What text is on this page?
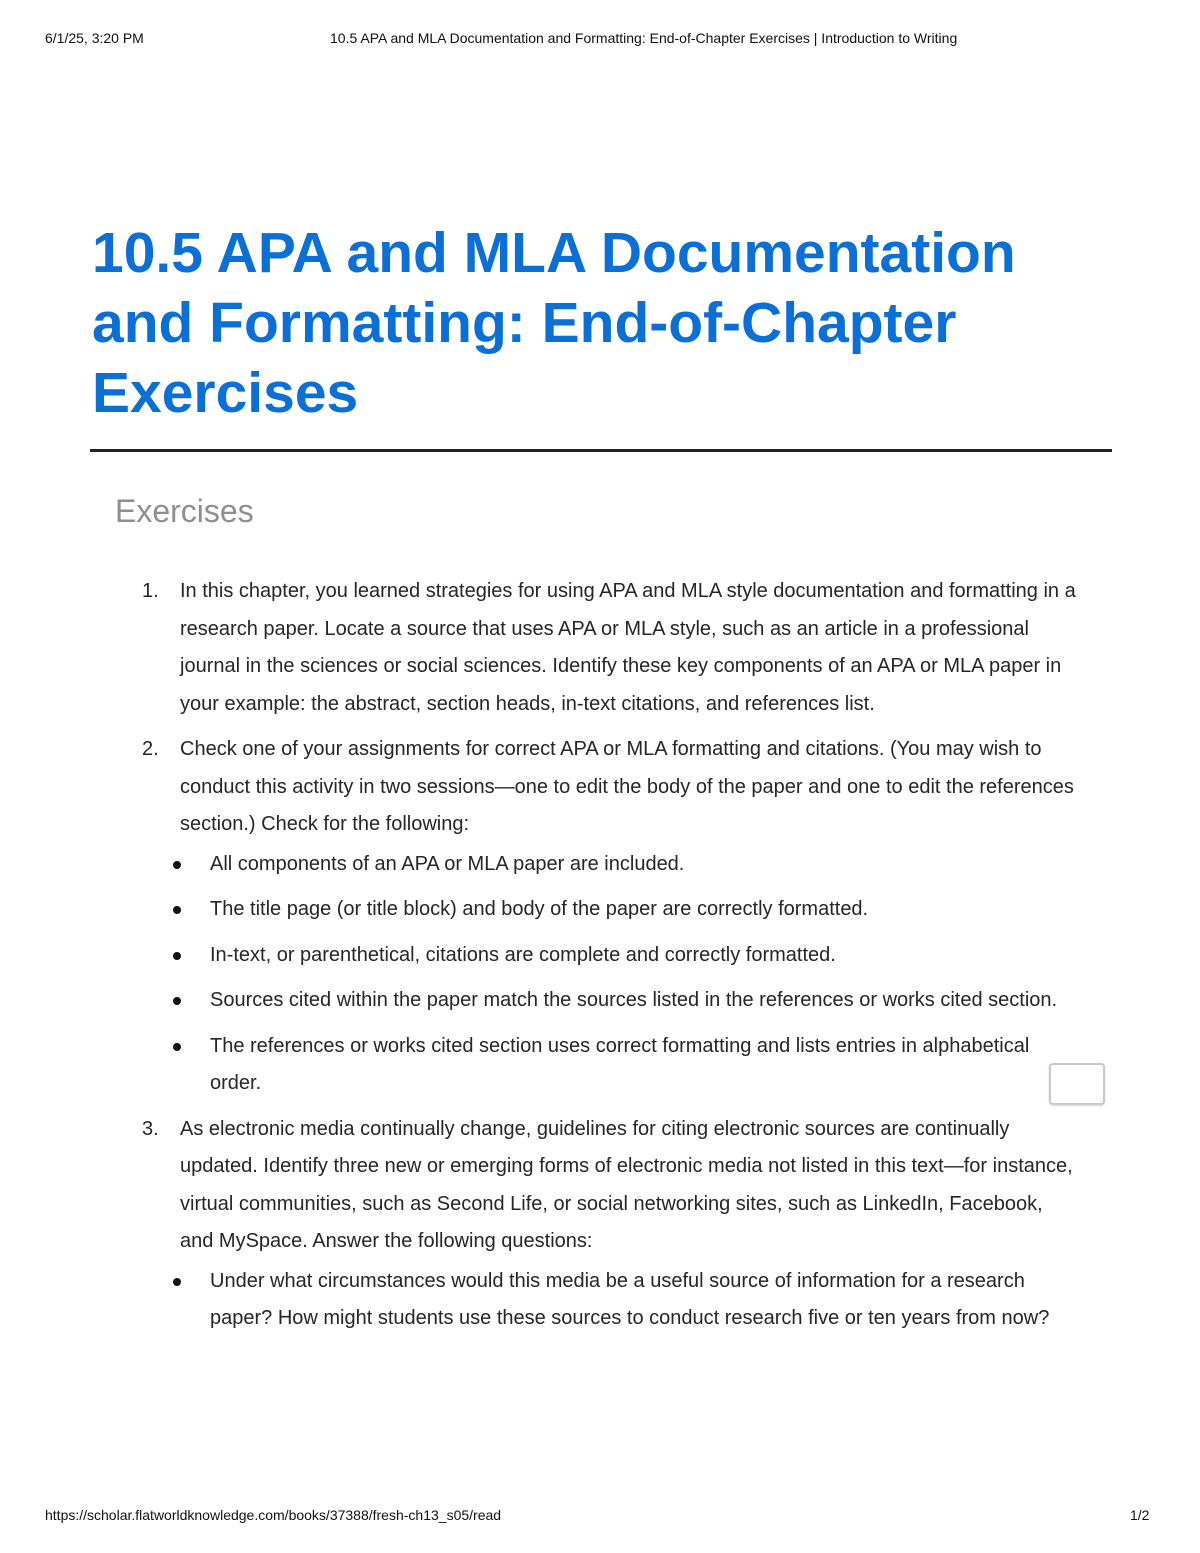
6/1/25, 3:20 PM	10.5 APA and MLA Documentation and Formatting: End-of-Chapter Exercises | Introduction to Writing
10.5 APA and MLA Documentation and Formatting: End-of-Chapter Exercises
Exercises
1. In this chapter, you learned strategies for using APA and MLA style documentation and formatting in a research paper. Locate a source that uses APA or MLA style, such as an article in a professional journal in the sciences or social sciences. Identify these key components of an APA or MLA paper in your example: the abstract, section heads, in-text citations, and references list.
2. Check one of your assignments for correct APA or MLA formatting and citations. (You may wish to conduct this activity in two sessions—one to edit the body of the paper and one to edit the references section.) Check for the following:
All components of an APA or MLA paper are included.
The title page (or title block) and body of the paper are correctly formatted.
In-text, or parenthetical, citations are complete and correctly formatted.
Sources cited within the paper match the sources listed in the references or works cited section.
The references or works cited section uses correct formatting and lists entries in alphabetical order.
3. As electronic media continually change, guidelines for citing electronic sources are continually updated. Identify three new or emerging forms of electronic media not listed in this text—for instance, virtual communities, such as Second Life, or social networking sites, such as LinkedIn, Facebook, and MySpace. Answer the following questions:
Under what circumstances would this media be a useful source of information for a research paper? How might students use these sources to conduct research five or ten years from now?
https://scholar.flatworldknowledge.com/books/37388/fresh-ch13_s05/read	1/2
